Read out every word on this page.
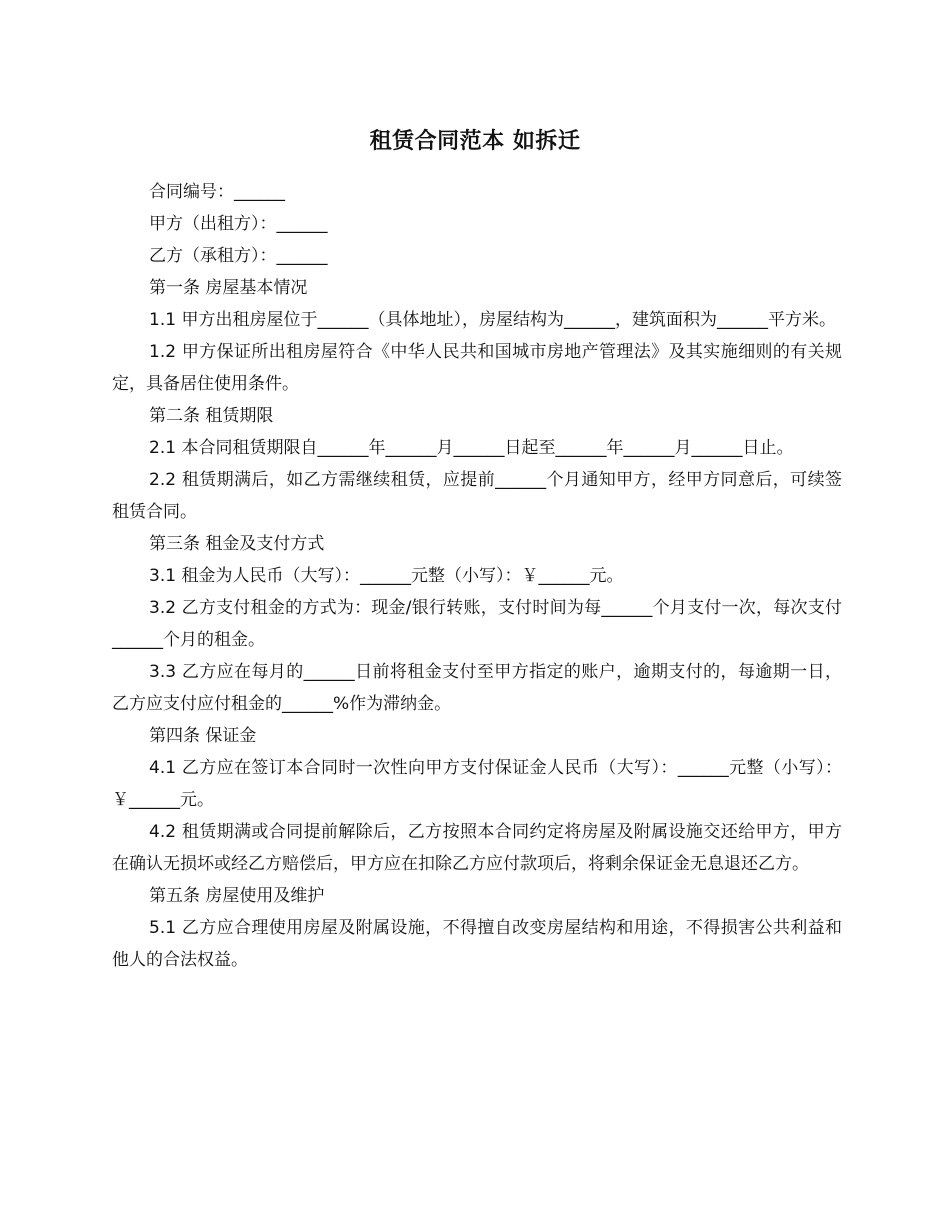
租赁合同范本 如拆迁

合同编号：______

甲方（出租方）：______

乙方（承租方）：______

第一条 房屋基本情况

1.1 甲方出租房屋位于______（具体地址），房屋结构为______，建筑面积为______平方米。

1.2 甲方保证所出租房屋符合《中华人民共和国城市房地产管理法》及其实施细则的有关规定，具备居住使用条件。

第二条 租赁期限

2.1 本合同租赁期限自______年______月______日起至______年______月______日止。

2.2 租赁期满后，如乙方需继续租赁，应提前______个月通知甲方，经甲方同意后，可续签租赁合同。

第三条 租金及支付方式

3.1 租金为人民币（大写）：______元整（小写）：￥______元。

3.2 乙方支付租金的方式为：现金/银行转账，支付时间为每______个月支付一次，每次支付______个月的租金。

3.3 乙方应在每月的______日前将租金支付至甲方指定的账户，逾期支付的，每逾期一日，乙方应支付应付租金的______%作为滞纳金。

第四条 保证金

4.1 乙方应在签订本合同时一次性向甲方支付保证金人民币（大写）：______元整（小写）：￥______元。

4.2 租赁期满或合同提前解除后，乙方按照本合同约定将房屋及附属设施交还给甲方，甲方在确认无损坏或经乙方赔偿后，甲方应在扣除乙方应付款项后，将剩余保证金无息退还乙方。

第五条 房屋使用及维护

5.1 乙方应合理使用房屋及附属设施，不得擅自改变房屋结构和用途，不得损害公共利益和他人的合法权益。
